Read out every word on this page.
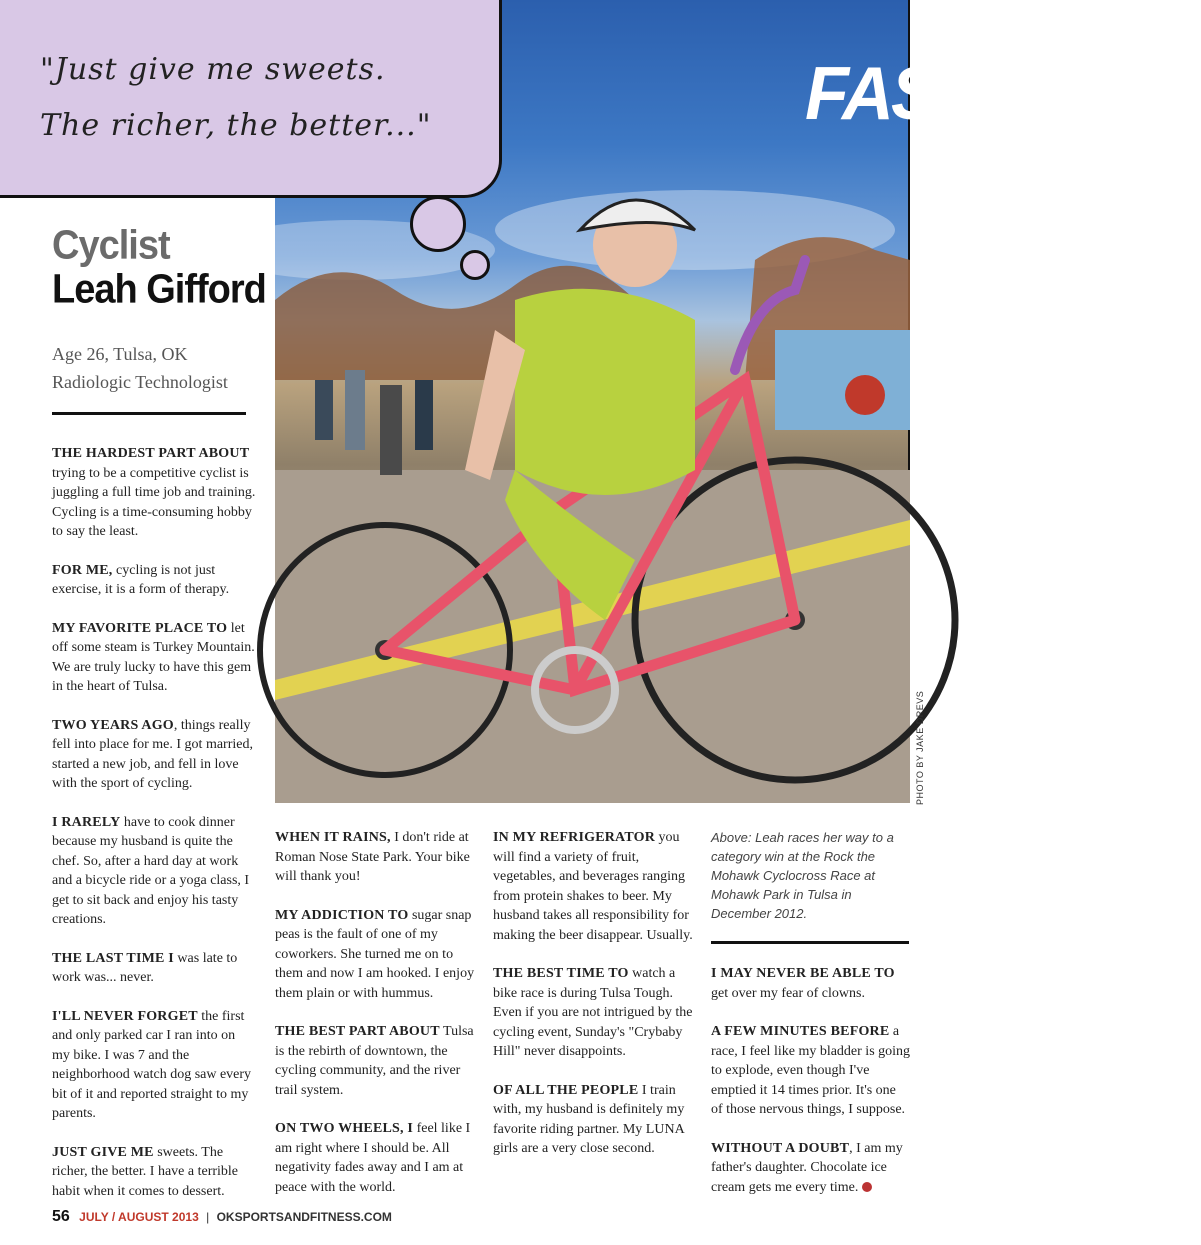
FASTTAKES
PHOTO BY JAKE DREVS
"Just give me sweets.
The richer, the better..."
Cyclist
Leah Gifford
Age 26, Tulsa, OK
Radiologic Technologist

THE HARDEST PART ABOUT trying to be a competitive cyclist is juggling a full time job and training. Cycling is a time-consuming hobby to say the least.

FOR ME, cycling is not just exercise, it is a form of therapy.

MY FAVORITE PLACE TO let off some steam is Turkey Mountain. We are truly lucky to have this gem in the heart of Tulsa.

TWO YEARS AGO, things really fell into place for me. I got married, started a new job, and fell in love with the sport of cycling.

I RARELY have to cook dinner because my husband is quite the chef. So, after a hard day at work and a bicycle ride or a yoga class, I get to sit back and enjoy his tasty creations.

THE LAST TIME I was late to work was... never.

I'LL NEVER FORGET the first and only parked car I ran into on my bike. I was 7 and the neighborhood watch dog saw every bit of it and reported straight to my parents.

JUST GIVE ME sweets. The richer, the better. I have a terrible habit when it comes to dessert.

WHEN IT RAINS, I don't ride at Roman Nose State Park. Your bike will thank you!

MY ADDICTION TO sugar snap peas is the fault of one of my coworkers. She turned me on to them and now I am hooked. I enjoy them plain or with hummus.

THE BEST PART ABOUT Tulsa is the rebirth of downtown, the cycling community, and the river trail system.

ON TWO WHEELS, I feel like I am right where I should be. All negativity fades away and I am at peace with the world.

IN MY REFRIGERATOR you will find a variety of fruit, vegetables, and beverages ranging from protein shakes to beer. My husband takes all responsibility for making the beer disappear. Usually.

THE BEST TIME TO watch a bike race is during Tulsa Tough. Even if you are not intrigued by the cycling event, Sunday's "Crybaby Hill" never disappoints.

OF ALL THE PEOPLE I train with, my husband is definitely my favorite riding partner. My LUNA girls are a very close second.

Above: Leah races her way to a category win at the Rock the Mohawk Cyclocross Race at Mohawk Park in Tulsa in December 2012.

I MAY NEVER BE ABLE TO get over my fear of clowns.

A FEW MINUTES BEFORE a race, I feel like my bladder is going to explode, even though I've emptied it 14 times prior. It's one of those nervous things, I suppose.

WITHOUT A DOUBT, I am my father's daughter. Chocolate ice cream gets me every time.

56 JULY / AUGUST 2013 | OKSPORTSANDFITNESS.COM
